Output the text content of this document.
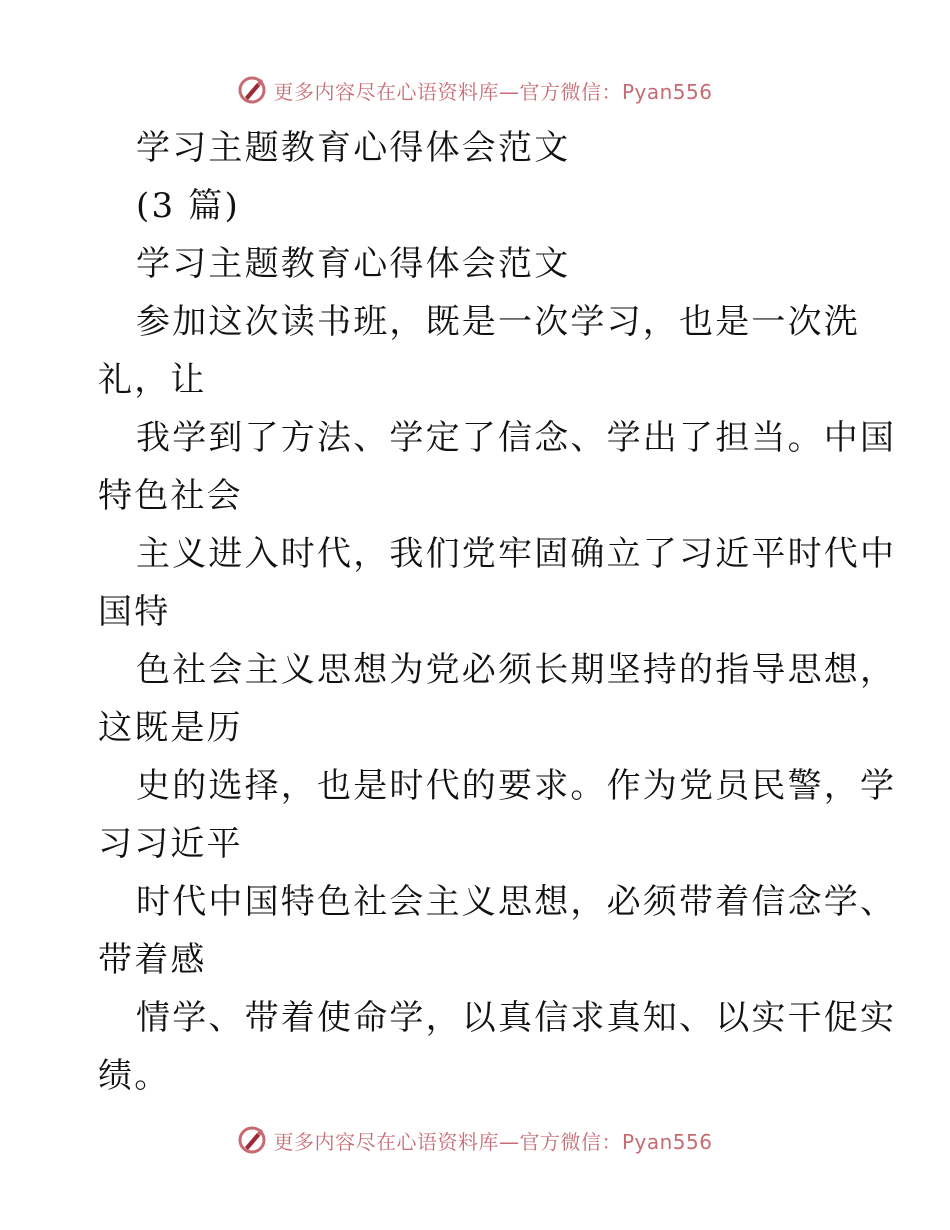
更多内容尽在心语资料库—官方微信：Pyan556
学习主题教育心得体会范文
(3 篇)
学习主题教育心得体会范文
参加这次读书班，既是一次学习，也是一次洗
礼，让
我学到了方法、学定了信念、学出了担当。中国
特色社会
主义进入时代，我们党牢固确立了习近平时代中
国特
色社会主义思想为党必须长期坚持的指导思想，
这既是历
史的选择，也是时代的要求。作为党员民警，学
习习近平
时代中国特色社会主义思想，必须带着信念学、
带着感
情学、带着使命学，以真信求真知、以实干促实
绩。
更多内容尽在心语资料库—官方微信：Pyan556
